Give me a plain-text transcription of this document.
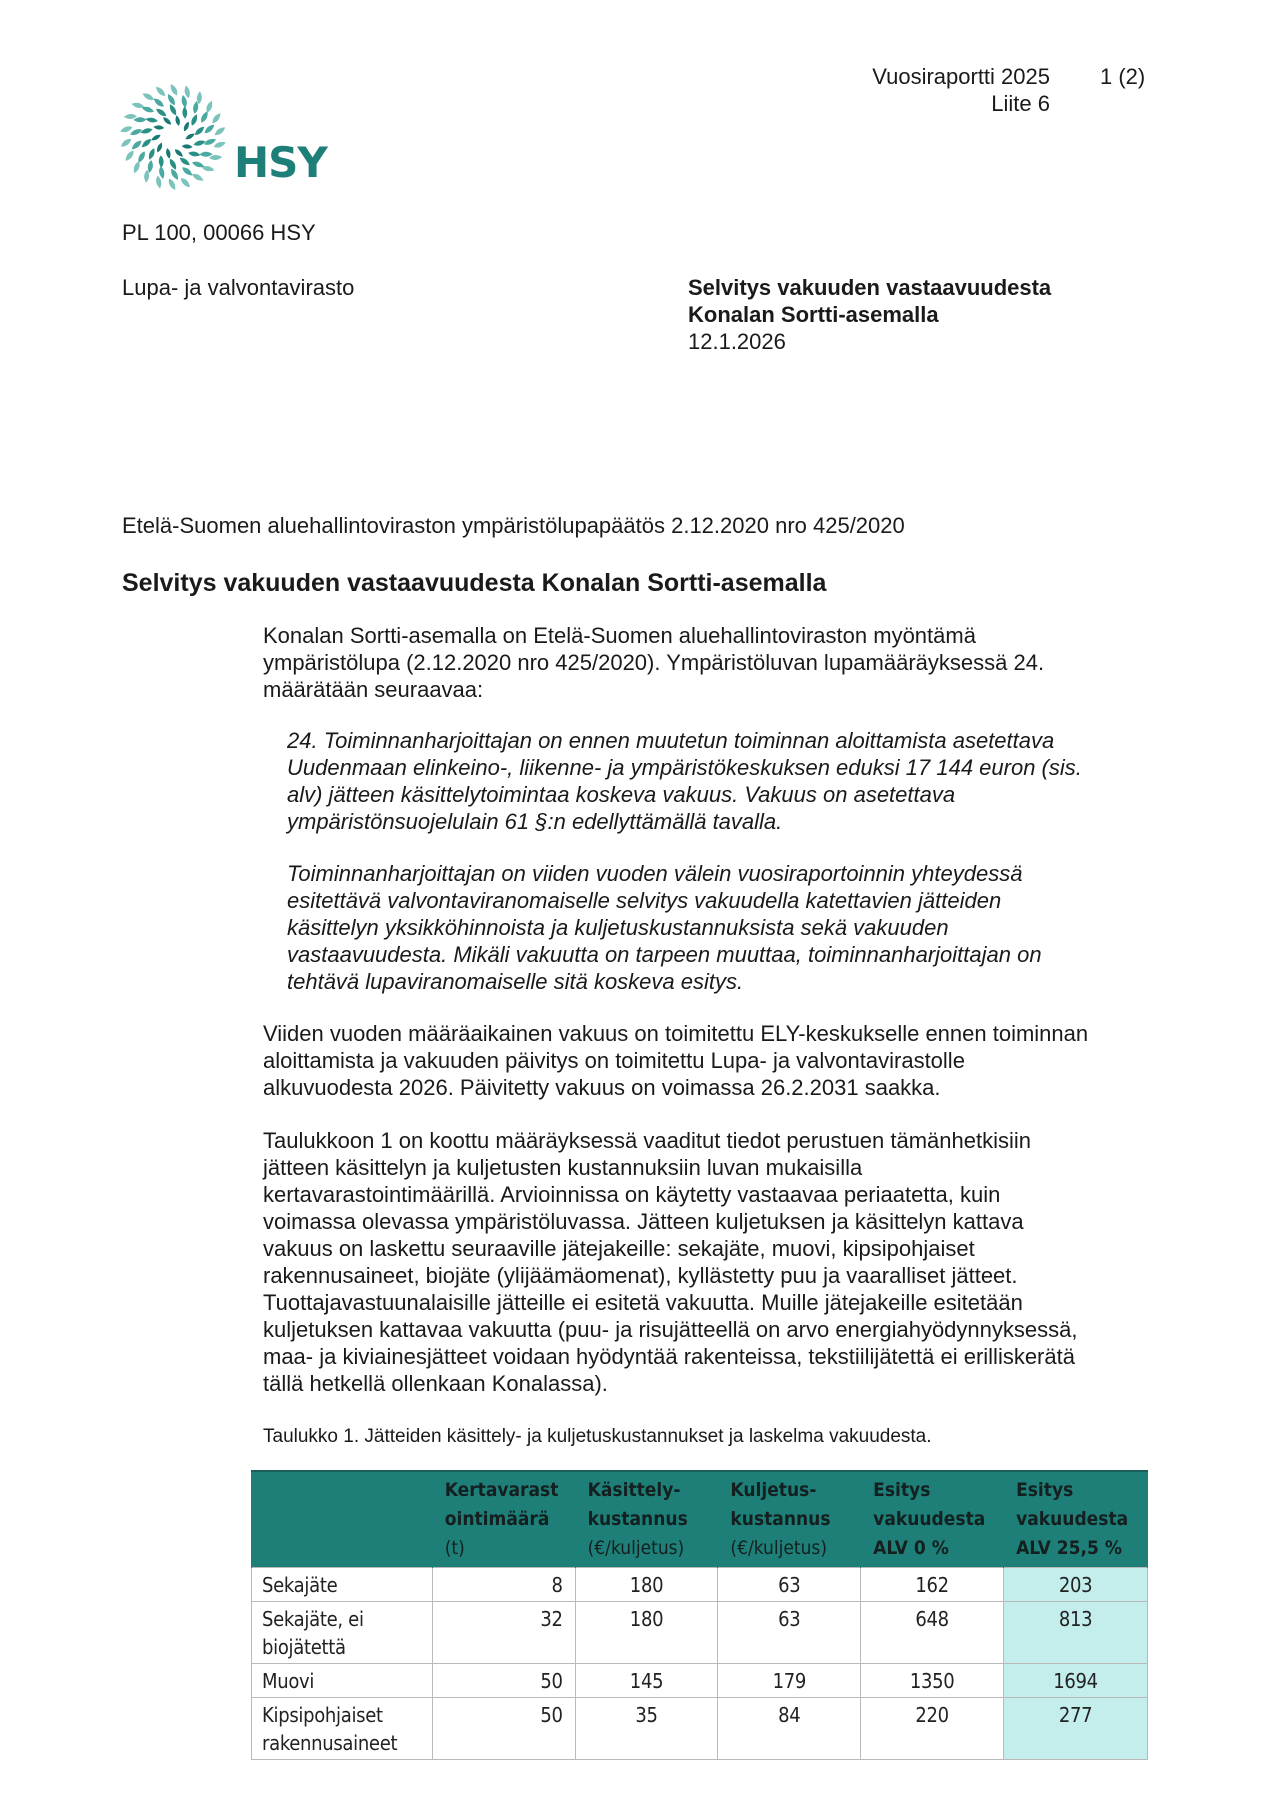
HSY
Vuosiraportti 2025
Liite 6
1 (2)
PL 100, 00066 HSY
Lupa- ja valvontavirasto	Selvitys vakuuden vastaavuudesta
Konalan Sortti-asemalla
12.1.2026
Etelä-Suomen aluehallintoviraston ympäristölupapäätös 2.12.2020 nro 425/2020
Selvitys vakuuden vastaavuudesta Konalan Sortti-asemalla
Konalan Sortti-asemalla on Etelä-Suomen aluehallintoviraston myöntämä
ympäristölupa (2.12.2020 nro 425/2020). Ympäristöluvan lupamääräyksessä 24.
määrätään seuraavaa:
24. Toiminnanharjoittajan on ennen muutetun toiminnan aloittamista asetettava
Uudenmaan elinkeino-, liikenne- ja ympäristökeskuksen eduksi 17 144 euron (sis.
alv) jätteen käsittelytoimintaa koskeva vakuus. Vakuus on asetettava
ympäristönsuojelulain 61 §:n edellyttämällä tavalla.
Toiminnanharjoittajan on viiden vuoden välein vuosiraportoinnin yhteydessä
esitettävä valvontaviranomaiselle selvitys vakuudella katettavien jätteiden
käsittelyn yksikköhinnoista ja kuljetuskustannuksista sekä vakuuden
vastaavuudesta. Mikäli vakuutta on tarpeen muuttaa, toiminnanharjoittajan on
tehtävä lupaviranomaiselle sitä koskeva esitys.
Viiden vuoden määräaikainen vakuus on toimitettu ELY-keskukselle ennen toiminnan
aloittamista ja vakuuden päivitys on toimitettu Lupa- ja valvontavirastolle
alkuvuodesta 2026. Päivitetty vakuus on voimassa 26.2.2031 saakka.
Taulukkoon 1 on koottu määräyksessä vaaditut tiedot perustuen tämänhetkisiin
jätteen käsittelyn ja kuljetusten kustannuksiin luvan mukaisilla
kertavarastointimäärillä. Arvioinnissa on käytetty vastaavaa periaatetta, kuin
voimassa olevassa ympäristöluvassa. Jätteen kuljetuksen ja käsittelyn kattava
vakuus on laskettu seuraaville jätejakeille: sekajäte, muovi, kipsipohjaiset
rakennusaineet, biojäte (ylijäämäomenat), kyllästetty puu ja vaaralliset jätteet.
Tuottajavastuunalaisille jätteille ei esitetä vakuutta. Muille jätejakeille esitetään
kuljetuksen kattavaa vakuutta (puu- ja risujätteellä on arvo energiahyödynnyksessä,
maa- ja kiviainesjätteet voidaan hyödyntää rakenteissa, tekstiilijätettä ei erilliskerätä
tällä hetkellä ollenkaan Konalassa).
Taulukko 1. Jätteiden käsittely- ja kuljetuskustannukset ja laskelma vakuudesta.

	Kertavarast
ointimäärä
(t)	Käsittely-
kustannus
(€/kuljetus)	Kuljetus-
kustannus
(€/kuljetus)	Esitys
vakuudesta
ALV 0 %	Esitys
vakuudesta
ALV 25,5 %

Sekajäte	8	180	63	162	203

Sekajäte, ei
biojätettä	32	180	63	648	813

Muovi	50	145	179	1350	1694

Kipsipohjaiset
rakennusaineet	50	35	84	220	277
